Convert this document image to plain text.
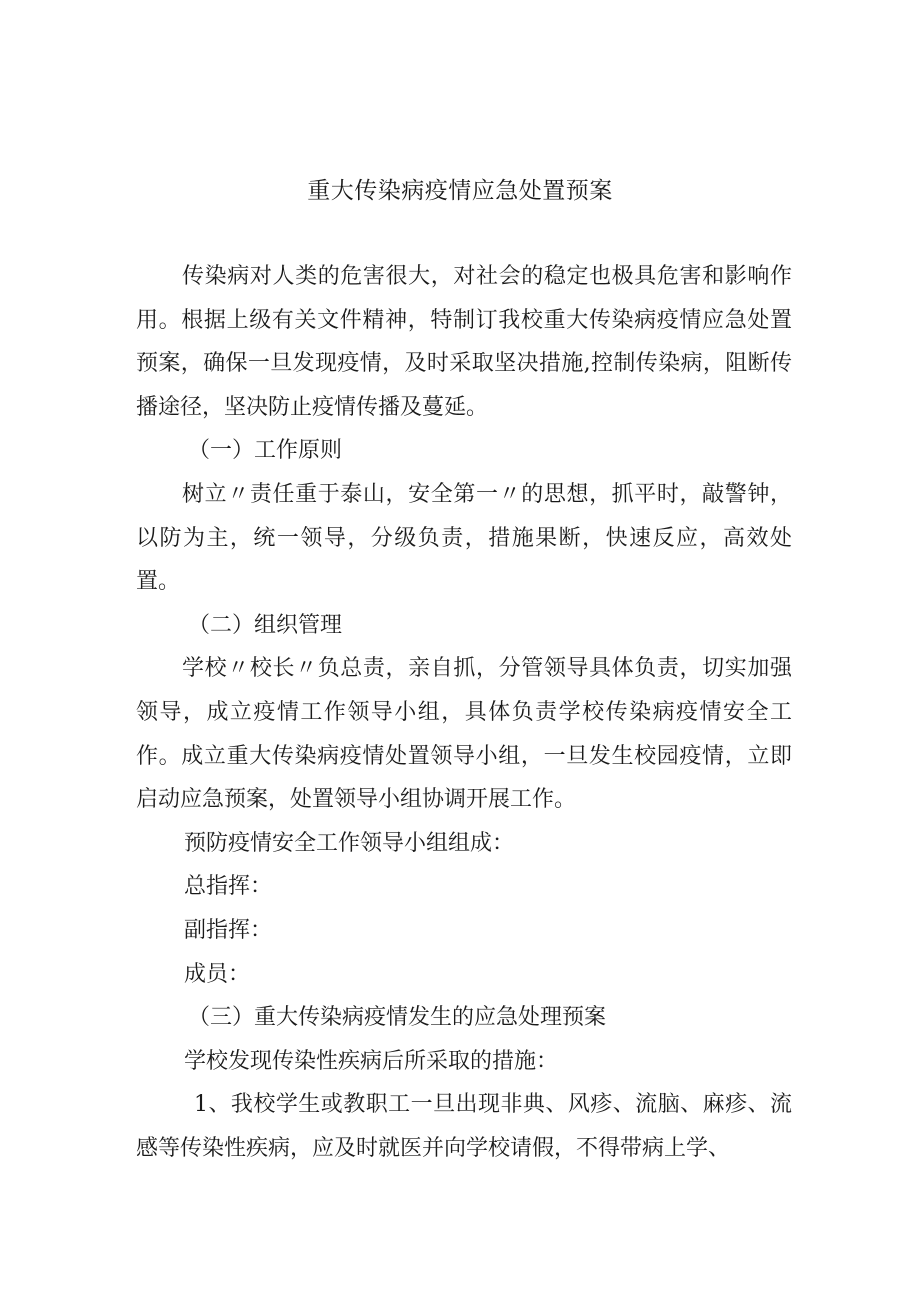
重大传染病疫情应急处置预案

传染病对人类的危害很大，对社会的稳定也极具危害和影响作用。根据上级有关文件精神，特制订我校重大传染病疫情应急处置预案，确保一旦发现疫情，及时采取坚决措施,控制传染病，阻断传播途径，坚决防止疫情传播及蔓延。

（一）工作原则

树立〃责任重于泰山，安全第一〃的思想，抓平时，敲警钟，以防为主，统一领导，分级负责，措施果断，快速反应，高效处置。

（二）组织管理

学校〃校长〃负总责，亲自抓，分管领导具体负责，切实加强领导，成立疫情工作领导小组，具体负责学校传染病疫情安全工作。成立重大传染病疫情处置领导小组，一旦发生校园疫情，立即启动应急预案，处置领导小组协调开展工作。

预防疫情安全工作领导小组组成：

总指挥：

副指挥：

成员：

（三）重大传染病疫情发生的应急处理预案

学校发现传染性疾病后所采取的措施：

1、我校学生或教职工一旦出现非典、风疹、流脑、麻疹、流感等传染性疾病，应及时就医并向学校请假，不得带病上学、
